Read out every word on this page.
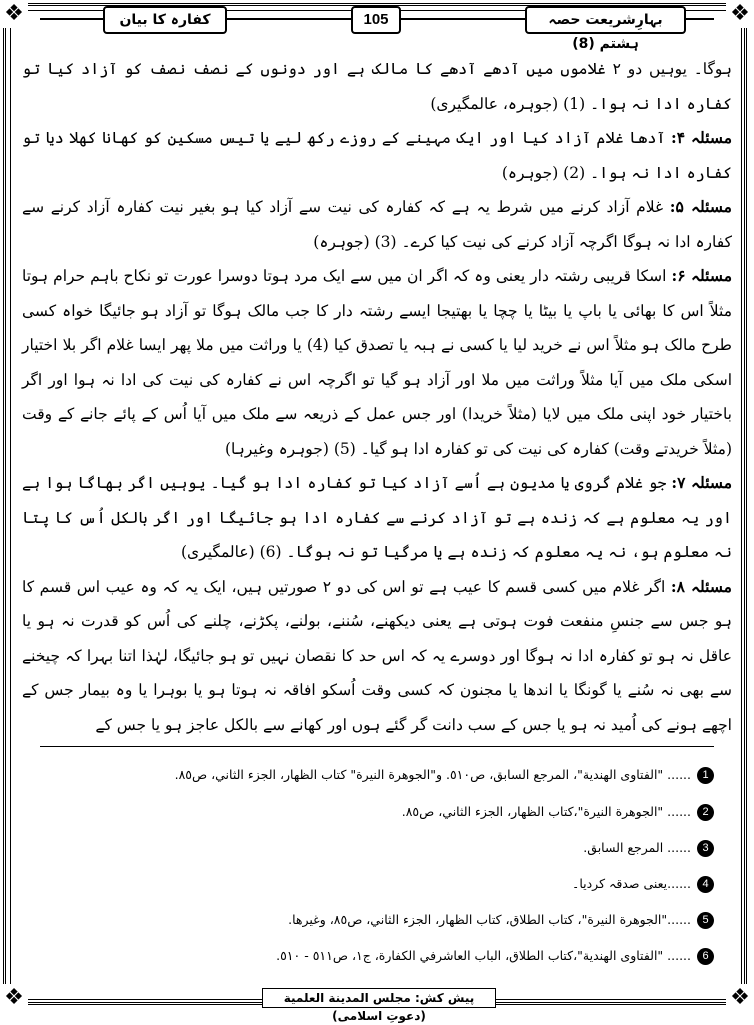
❖	❖
❖	❖
کفارہ کا بیان	105	بہارِشریعت حصہ ہشتم (8)

ہوگا۔ یوہیں دو ۲ غلاموں میں آدھے آدھے کا مالک ہے اور دونوں کے نصف نصف کو آزاد کیا تو کفارہ ادا نہ ہوا۔ (1) (جوہرہ، عالمگیری)

مسئلہ ۴: آدھا غلام آزاد کیا اور ایک مہینے کے روزے رکھ لیے یا تیس مسکین کو کھانا کھلا دیا تو کفارہ ادا نہ ہوا۔ (2) (جوہرہ)

مسئلہ ۵: غلام آزاد کرنے میں شرط یہ ہے کہ کفارہ کی نیت سے آزاد کیا ہو بغیر نیت کفارہ آزاد کرنے سے کفارہ ادا نہ ہوگا اگرچہ آزاد کرنے کی نیت کیا کرے۔ (3) (جوہرہ)

مسئلہ ۶: اسکا قریبی رشتہ دار یعنی وہ کہ اگر ان میں سے ایک مرد ہوتا دوسرا عورت تو نکاح باہم حرام ہوتا مثلاً اس کا بھائی یا باپ یا بیٹا یا چچا یا بھتیجا ایسے رشتہ دار کا جب مالک ہوگا تو آزاد ہو جائیگا خواہ کسی طرح مالک ہو مثلاً اس نے خرید لیا یا کسی نے ہبہ یا تصدق کیا (4) یا وراثت میں ملا پھر ایسا غلام اگر بلا اختیار اسکی ملک میں آیا مثلاً وراثت میں ملا اور آزاد ہو گیا تو اگرچہ اس نے کفارہ کی نیت کی ادا نہ ہوا اور اگر باختیار خود اپنی ملک میں لایا (مثلاً خریدا) اور جس عمل کے ذریعہ سے ملک میں آیا اُس کے پائے جانے کے وقت (مثلاً خریدتے وقت) کفارہ کی نیت کی تو کفارہ ادا ہو گیا۔ (5) (جوہرہ وغیرہا)

مسئلہ ۷: جو غلام گروی یا مدیون ہے اُسے آزاد کیا تو کفارہ ادا ہو گیا۔ یوہیں اگر بھاگا ہوا ہے اور یہ معلوم ہے کہ زندہ ہے تو آزاد کرنے سے کفارہ ادا ہو جائیگا اور اگر بالکل اُس کا پتا نہ معلوم ہو، نہ یہ معلوم کہ زندہ ہے یا مرگیا تو نہ ہوگا۔ (6) (عالمگیری)

مسئلہ ۸: اگر غلام میں کسی قسم کا عیب ہے تو اس کی دو ۲ صورتیں ہیں، ایک یہ کہ وہ عیب اس قسم کا ہو جس سے جنسِ منفعت فوت ہوتی ہے یعنی دیکھنے، سُننے، بولنے، پکڑنے، چلنے کی اُس کو قدرت نہ ہو یا عاقل نہ ہو تو کفارہ ادا نہ ہوگا اور دوسرے یہ کہ اس حد کا نقصان نہیں تو ہو جائیگا، لہٰذا اتنا بہرا کہ چیخنے سے بھی نہ سُنے یا گونگا یا اندھا یا مجنون کہ کسی وقت اُسکو افاقہ نہ ہوتا ہو یا بوہرا یا وہ بیمار جس کے اچھے ہونے کی اُمید نہ ہو یا جس کے سب دانت گر گئے ہوں اور کھانے سے بالکل عاجز ہو یا جس کے

1...... "الفتاوى الهندية"، المرجع السابق، ص٥١٠. و"الجوهرة النيرة" كتاب الظهار، الجزء الثاني، ص٨٥.
2...... "الجوهرة النيرة"،كتاب الظهار، الجزء الثاني، ص٨٥.
3...... المرجع السابق.
4......یعنی صدقہ کردیا۔
5......"الجوهرة النيرة"، كتاب الطلاق، كتاب الظهار، الجزء الثاني، ص٨٥، وغيرها.
6...... "الفتاوى الهندية"،كتاب الطلاق، الباب العاشرفي الكفارة، ج١، ص٥١١ - ٥١٠.
پیش کش: مجلس المدينة العلمية (دعوتِ اسلامی)
